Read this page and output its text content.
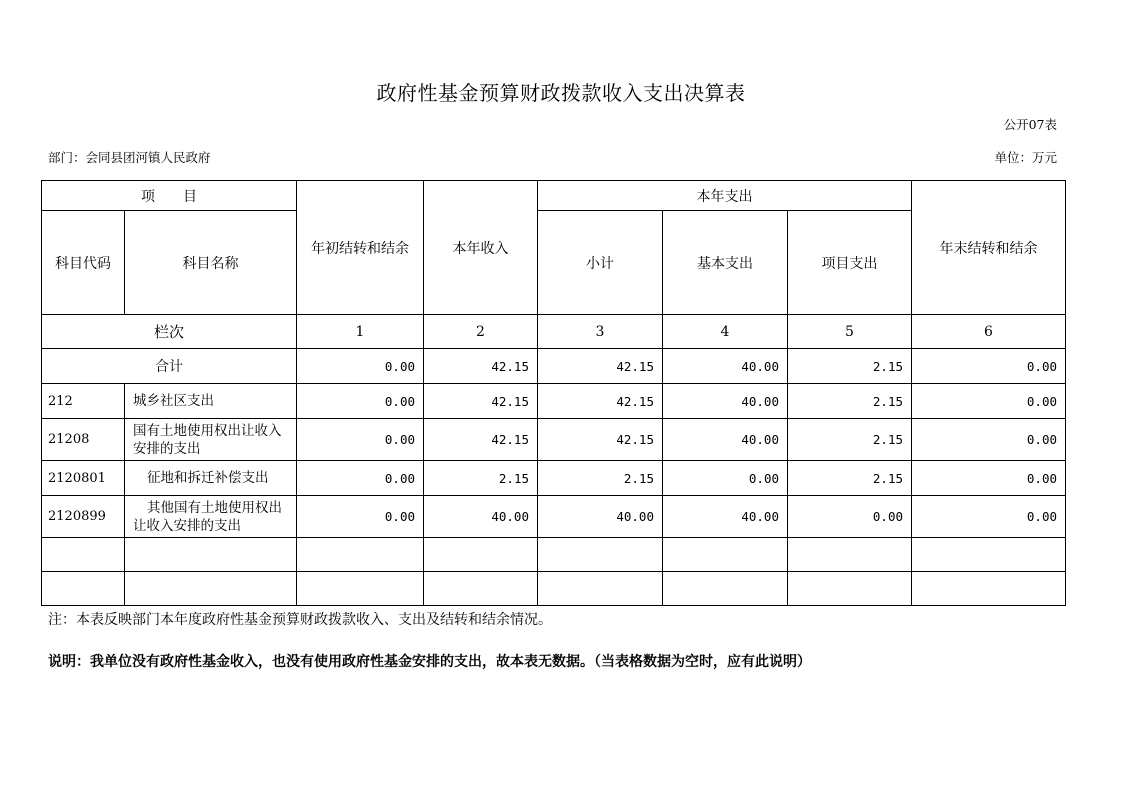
政府性基金预算财政拨款收入支出决算表
公开07表
部门：会同县团河镇人民政府	单位：万元
项　　目		年初结转和结余	本年收入	本年支出			年末结转和结余
科目代码	科目名称			小计	基本支出	项目支出	
栏次		1	2	3	4	5	6
合计		0.00	42.15	42.15	40.00	2.15	0.00
212	城乡社区支出	0.00	42.15	42.15	40.00	2.15	0.00
21208	国有土地使用权出让收入安排的支出	0.00	42.15	42.15	40.00	2.15	0.00
2120801	征地和拆迁补偿支出	0.00	2.15	2.15	0.00	2.15	0.00
2120899	其他国有土地使用权出让收入安排的支出	0.00	40.00	40.00	40.00	0.00	0.00

注：本表反映部门本年度政府性基金预算财政拨款收入、支出及结转和结余情况。
说明：我单位没有政府性基金收入，也没有使用政府性基金安排的支出，故本表无数据。（当表格数据为空时，应有此说明）
